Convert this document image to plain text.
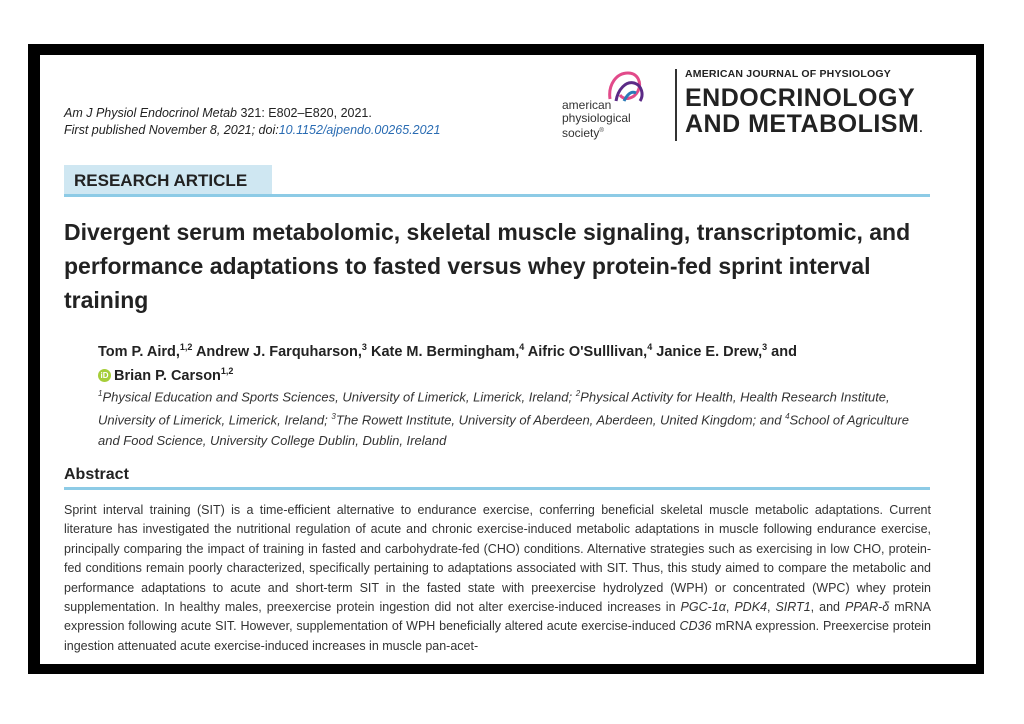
Am J Physiol Endocrinol Metab 321: E802–E820, 2021.
First published November 8, 2021; doi:10.1152/ajpendo.00265.2021
american
physiological
society®
AMERICAN JOURNAL OF PHYSIOLOGY
ENDOCRINOLOGY
AND METABOLISM.
RESEARCH ARTICLE
Divergent serum metabolomic, skeletal muscle signaling, transcriptomic, and performance adaptations to fasted versus whey protein-fed sprint interval training
Tom P. Aird,$^{1,2}$ Andrew J. Farquharson,$^3$ Kate M. Bermingham,$^4$ Aifric O'Sulllivan,$^4$ Janice E. Drew,$^3$ and
iD Brian P. Carson$^{1,2}$
$^1$Physical Education and Sports Sciences, University of Limerick, Limerick, Ireland; $^2$Physical Activity for Health, Health Research Institute, University of Limerick, Limerick, Ireland; $^3$The Rowett Institute, University of Aberdeen, Aberdeen, United Kingdom; and $^4$School of Agriculture and Food Science, University College Dublin, Dublin, Ireland
Abstract
Sprint interval training (SIT) is a time-efficient alternative to endurance exercise, conferring beneficial skeletal muscle metabolic adaptations. Current literature has investigated the nutritional regulation of acute and chronic exercise-induced metabolic adaptations in muscle following endurance exercise, principally comparing the impact of training in fasted and carbohydrate-fed (CHO) conditions. Alternative strategies such as exercising in low CHO, protein-fed conditions remain poorly characterized, specifically pertaining to adaptations associated with SIT. Thus, this study aimed to compare the metabolic and performance adaptations to acute and short-term SIT in the fasted state with preexercise hydrolyzed (WPH) or concentrated (WPC) whey protein supplementation. In healthy males, preexercise protein ingestion did not alter exercise-induced increases in PGC-1α, PDK4, SIRT1, and PPAR-δ mRNA expression following acute SIT. However, supplementation of WPH beneficially altered acute exercise-induced CD36 mRNA expression. Preexercise protein ingestion attenuated acute exercise-induced increases in muscle pan-acet-
